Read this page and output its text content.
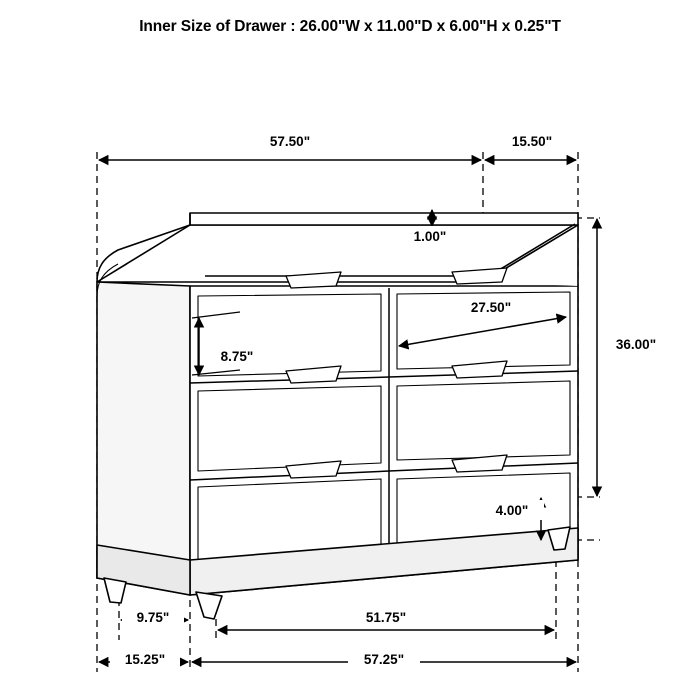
Inner Size of Drawer : 26.00"W x 11.00"D x 6.00"H x 0.25"T
57.50"	15.50"
1.00"
27.50"
8.75"
36.00"
4.00"
9.75"	51.75"
15.25"	57.25"
